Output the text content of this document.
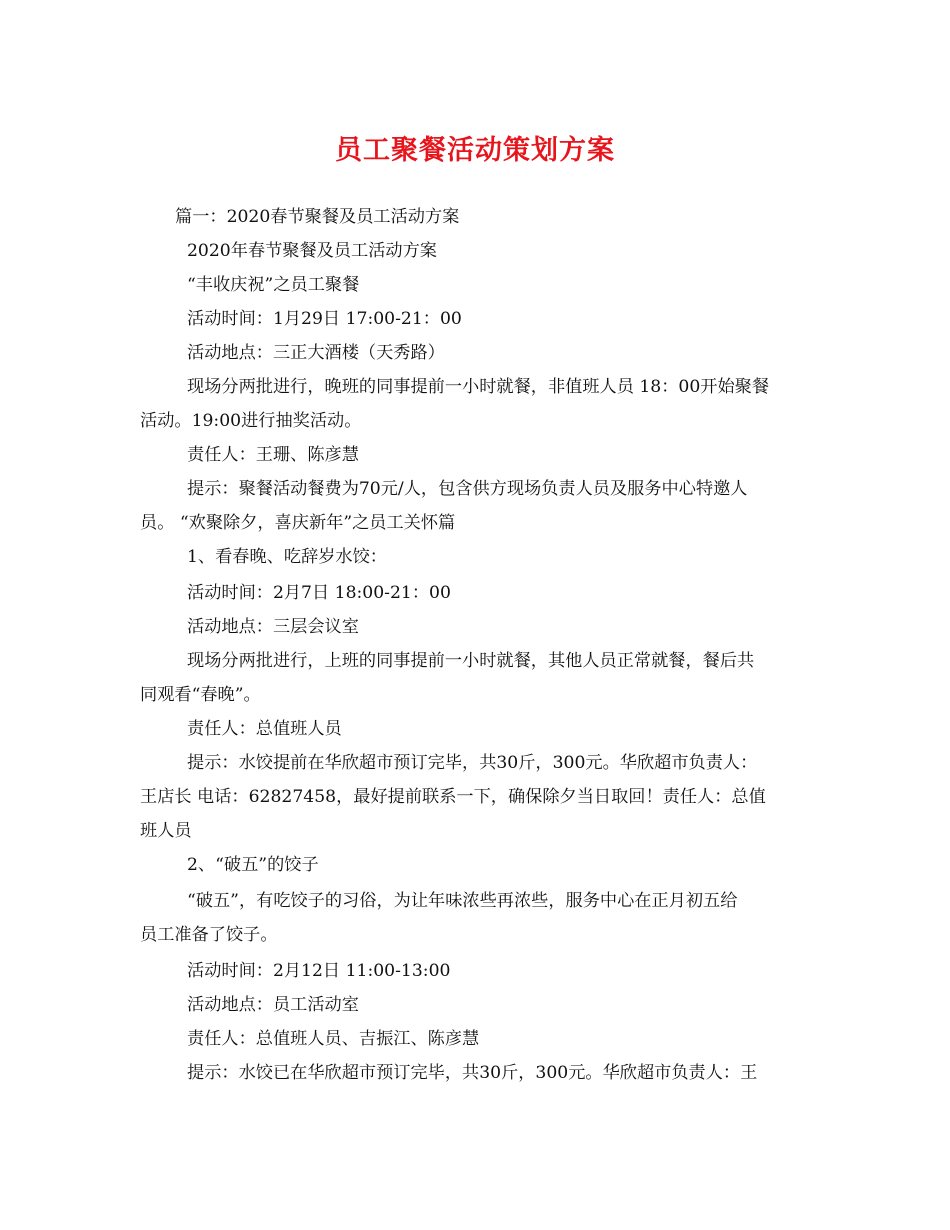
员工聚餐活动策划方案
篇一：2020春节聚餐及员工活动方案
2020年春节聚餐及员工活动方案
“丰收庆祝”之员工聚餐
活动时间：1月29日 17:00-21：00
活动地点：三正大酒楼（天秀路）
现场分两批进行，晚班的同事提前一小时就餐，非值班人员 18：00开始聚餐
活动。19:00进行抽奖活动。
责任人：王珊、陈彦慧
提示：聚餐活动餐费为70元/人，包含供方现场负责人员及服务中心特邀人
员。 “欢聚除夕，喜庆新年”之员工关怀篇
1、看春晚、吃辞岁水饺：
活动时间：2月7日 18:00-21：00
活动地点：三层会议室
现场分两批进行，上班的同事提前一小时就餐，其他人员正常就餐，餐后共
同观看“春晚”。
责任人：总值班人员
提示：水饺提前在华欣超市预订完毕，共30斤，300元。华欣超市负责人：
王店长 电话：62827458，最好提前联系一下，确保除夕当日取回！责任人：总值
班人员
2、“破五”的饺子
“破五”，有吃饺子的习俗，为让年味浓些再浓些，服务中心在正月初五给
员工准备了饺子。
活动时间：2月12日 11:00-13:00
活动地点：员工活动室
责任人：总值班人员、吉振江、陈彦慧
提示：水饺已在华欣超市预订完毕，共30斤，300元。华欣超市负责人：王
